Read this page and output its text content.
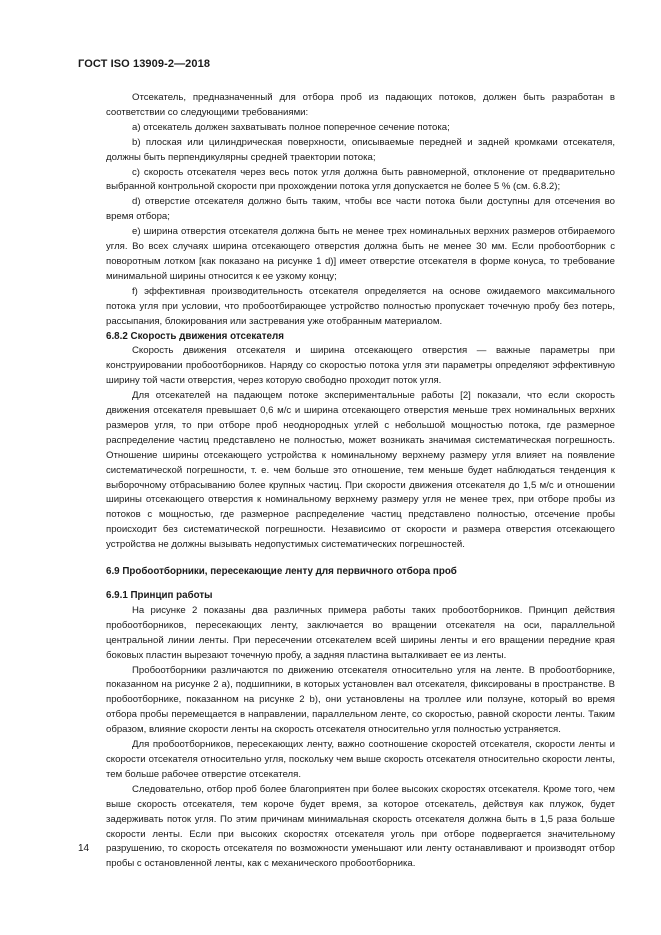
ГОСТ ISO 13909-2—2018

Отсекатель, предназначенный для отбора проб из падающих потоков, должен быть разработан в соответствии со следующими требованиями:

а) отсекатель должен захватывать полное поперечное сечение потока;

b) плоская или цилиндрическая поверхности, описываемые передней и задней кромками отсекателя, должны быть перпендикулярны средней траектории потока;

с) скорость отсекателя через весь поток угля должна быть равномерной, отклонение от предварительно выбранной контрольной скорости при прохождении потока угля допускается не более 5 % (см. 6.8.2);

d) отверстие отсекателя должно быть таким, чтобы все части потока были доступны для отсечения во время отбора;

е) ширина отверстия отсекателя должна быть не менее трех номинальных верхних размеров отбираемого угля. Во всех случаях ширина отсекающего отверстия должна быть не менее 30 мм. Если пробоотборник с поворотным лотком [как показано на рисунке 1 d)] имеет отверстие отсекателя в форме конуса, то требование минимальной ширины относится к ее узкому концу;

f) эффективная производительность отсекателя определяется на основе ожидаемого максимального потока угля при условии, что пробоотбирающее устройство полностью пропускает точечную пробу без потерь, рассыпания, блокирования или застревания уже отобранным материалом.

6.8.2 Скорость движения отсекателя

Скорость движения отсекателя и ширина отсекающего отверстия — важные параметры при конструировании пробоотборников. Наряду со скоростью потока угля эти параметры определяют эффективную ширину той части отверстия, через которую свободно проходит поток угля.

Для отсекателей на падающем потоке экспериментальные работы [2] показали, что если скорость движения отсекателя превышает 0,6 м/с и ширина отсекающего отверстия меньше трех номинальных верхних размеров угля, то при отборе проб неоднородных углей с небольшой мощностью потока, где размерное распределение частиц представлено не полностью, может возникать значимая систематическая погрешность. Отношение ширины отсекающего устройства к номинальному верхнему размеру угля влияет на появление систематической погрешности, т. е. чем больше это отношение, тем меньше будет наблюдаться тенденция к выборочному отбрасыванию более крупных частиц. При скорости движения отсекателя до 1,5 м/с и отношении ширины отсекающего отверстия к номинальному верхнему размеру угля не менее трех, при отборе пробы из потоков с мощностью, где размерное распределение частиц представлено полностью, отсечение пробы происходит без систематической погрешности. Независимо от скорости и размера отверстия отсекающего устройства не должны вызывать недопустимых систематических погрешностей.

6.9 Пробоотборники, пересекающие ленту для первичного отбора проб
6.9.1 Принцип работы

На рисунке 2 показаны два различных примера работы таких пробоотборников. Принцип действия пробоотборников, пересекающих ленту, заключается во вращении отсекателя на оси, параллельной центральной линии ленты. При пересечении отсекателем всей ширины ленты и его вращении передние края боковых пластин вырезают точечную пробу, а задняя пластина выталкивает ее из ленты.

Пробоотборники различаются по движению отсекателя относительно угля на ленте. В пробоотборнике, показанном на рисунке 2 а), подшипники, в которых установлен вал отсекателя, фиксированы в пространстве. В пробоотборнике, показанном на рисунке 2 b), они установлены на троллее или ползуне, который во время отбора пробы перемещается в направлении, параллельном ленте, со скоростью, равной скорости ленты. Таким образом, влияние скорости ленты на скорость отсекателя относительно угля полностью устраняется.

Для пробоотборников, пересекающих ленту, важно соотношение скоростей отсекателя, скорости ленты и скорости отсекателя относительно угля, поскольку чем выше скорость отсекателя относительно скорости ленты, тем больше рабочее отверстие отсекателя.

Следовательно, отбор проб более благоприятен при более высоких скоростях отсекателя. Кроме того, чем выше скорость отсекателя, тем короче будет время, за которое отсекатель, действуя как плужок, будет задерживать поток угля. По этим причинам минимальная скорость отсекателя должна быть в 1,5 раза больше скорости ленты. Если при высоких скоростях отсекателя уголь при отборе подвергается значительному разрушению, то скорость отсекателя по возможности уменьшают или ленту останавливают и производят отбор пробы с остановленной ленты, как с механического пробоотборника.

14
